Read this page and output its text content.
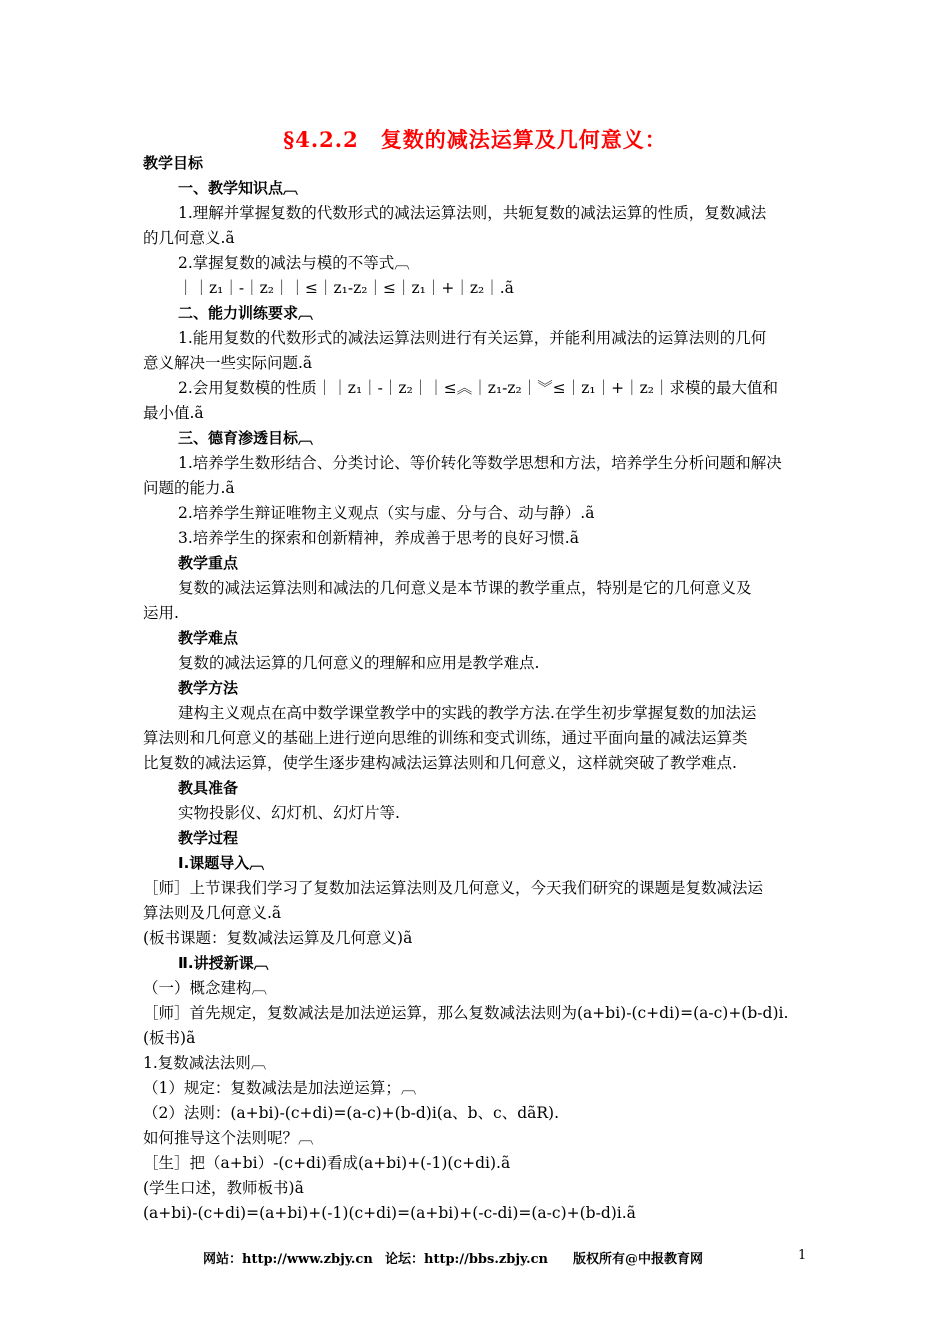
§4.2.2　复数的减法运算及几何意义：
教学目标
一、教学知识点︹
1.理解并掌握复数的代数形式的减法运算法则，共轭复数的减法运算的性质，复数减法
的几何意义.ã
2.掌握复数的减法与模的不等式︹
｜｜z₁｜-｜z₂｜｜≤｜z₁-z₂｜≤｜z₁｜+｜z₂｜.ã
二、能力训练要求︹
1.能用复数的代数形式的减法运算法则进行有关运算，并能利用减法的运算法则的几何
意义解决一些实际问题.ã
2.会用复数模的性质｜｜z₁｜-｜z₂｜｜≤︽｜z₁-z₂｜︾≤｜z₁｜+｜z₂｜求模的最大值和
最小值.ã
三、德育渗透目标︹
1.培养学生数形结合、分类讨论、等价转化等数学思想和方法，培养学生分析问题和解决
问题的能力.ã
2.培养学生辩证唯物主义观点（实与虚、分与合、动与静）.ã
3.培养学生的探索和创新精神，养成善于思考的良好习惯.ã
教学重点
复数的减法运算法则和减法的几何意义是本节课的教学重点，特别是它的几何意义及
运用.
教学难点
复数的减法运算的几何意义的理解和应用是教学难点.
教学方法
建构主义观点在高中数学课堂教学中的实践的教学方法.在学生初步掌握复数的加法运
算法则和几何意义的基础上进行逆向思维的训练和变式训练，通过平面向量的减法运算类
比复数的减法运算，使学生逐步建构减法运算法则和几何意义，这样就突破了教学难点.
教具准备
实物投影仪、幻灯机、幻灯片等.
教学过程
Ⅰ.课题导入︹
［师］上节课我们学习了复数加法运算法则及几何意义，今天我们研究的课题是复数减法运
算法则及几何意义.ã
(板书课题：复数减法运算及几何意义)ã
Ⅱ.讲授新课︹
（一）概念建构︹
［师］首先规定，复数减法是加法逆运算，那么复数减法法则为(a+bi)-(c+di)=(a-c)+(b-d)i.
(板书)ã
1.复数减法法则︹
（1）规定：复数减法是加法逆运算；︹
（2）法则：(a+bi)-(c+di)=(a-c)+(b-d)i(a、b、c、dãR).
如何推导这个法则呢？︹
［生］把（a+bi）-(c+di)看成(a+bi)+(-1)(c+di).ã
(学生口述，教师板书)ã
(a+bi)-(c+di)=(a+bi)+(-1)(c+di)=(a+bi)+(-c-di)=(a-c)+(b-d)i.ã
网站：http://www.zbjy.cn 论坛：http://bbs.zbjy.cn 版权所有@中报教育网	1
